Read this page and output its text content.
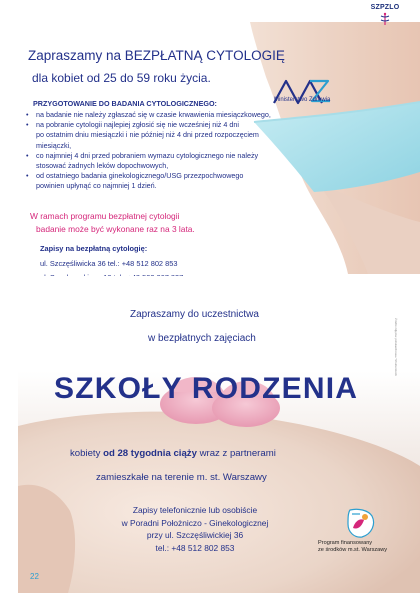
SZPZLO
Zapraszamy na BEZPŁATNĄ CYTOLOGIĘ
dla kobiet od 25 do 59 roku życia.
Ministerstwo Zdrowia
PRZYGOTOWANIE DO BADANIA CYTOLOGICZNEGO:
• na badanie nie należy zgłaszać się w czasie krwawienia miesiączkowego,
• na pobranie cytologii najlepiej zgłosić się nie wcześniej niż 4 dni
po ostatnim dniu miesiączki i nie później niż 4 dni przed rozpoczęciem
miesiączki,
• co najmniej 4 dni przed pobraniem wymazu cytologicznego nie należy
stosować żadnych leków dopochwowych,
• od ostatniego badania ginekologicznego/USG przezpochwowego
powinien upłynąć co najmniej 1 dzień.
W ramach programu bezpłatnej cytologii
badanie może być wykonane raz na 3 lata.
Zapisy na bezpłatną cytologię:
ul. Szczęśliwicka 36 tel.: +48 512 802 853
Zapraszamy do uczestnictwa
w bezpłatnych zajęciach
SZKOŁY RODZENIA
Źródło zdjęcia: polskazdrowa / Shutterstock
kobiety od 28 tygodnia ciąży wraz z partnerami
zamieszkałe na terenie m. st. Warszawy
Zapisy telefonicznie lub osobiście
w Poradni Położniczo - Ginekologicznej
przy ul. Szczęśliwickiej 36
tel.: +48 512 802 853	Program finansowany
ze środków m.st. Warszawy
22
